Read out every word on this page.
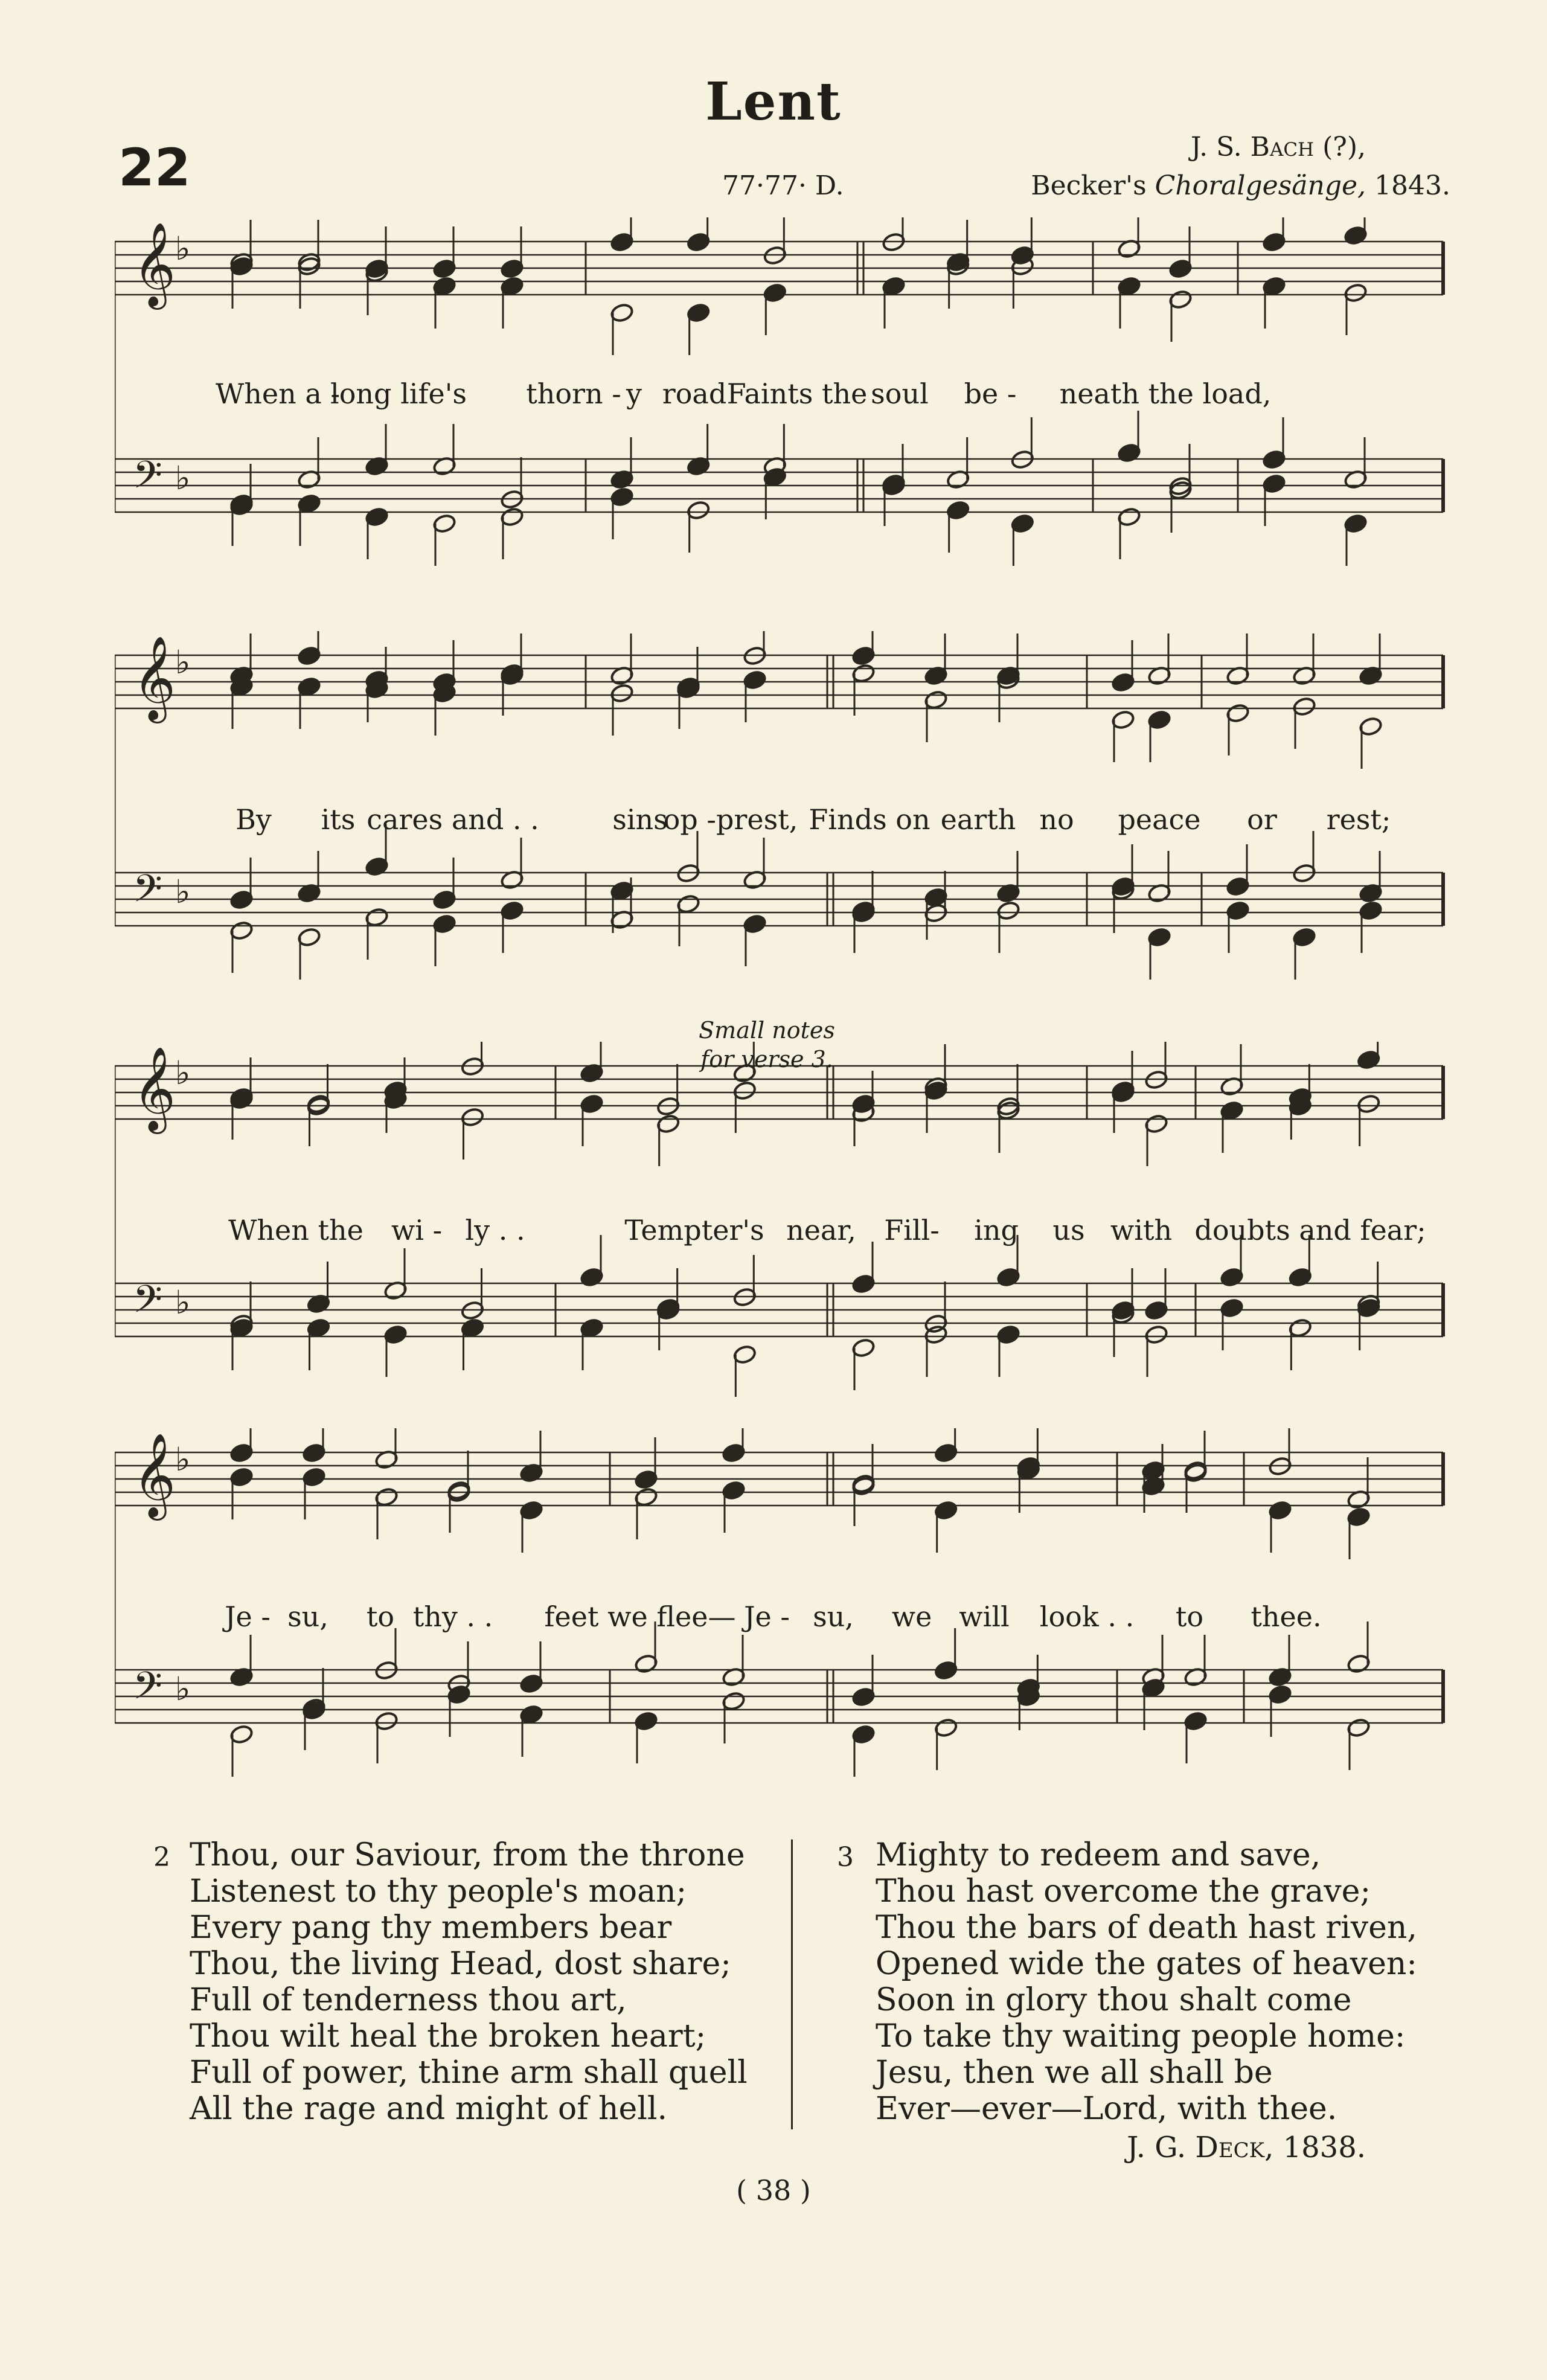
Lent
22	77·77· D.
J. S. Bach (?),
Becker's Choralgesänge, 1843.
𝄞 ♭
𝄢 ♭
𝄞 ♭
𝄢 ♭
𝄞 ♭
𝄢 ♭
𝄞 ♭
𝄢 ♭
Small notes
for verse 3.
When a -
long life's thorn - y road Faints the soul be - neath the load,
By its cares and . .	sins
op -prest, Finds on earth no peace or rest;
When the wi - ly . .	Tempter's near, Fill- ing us with doubts and fear;
Je - su, to thy . . feet we flee— Je - su, we will look . . to thee.
2 Thou, our Saviour, from the throne
Listenest to thy people's moan;
Every pang thy members bear
Thou, the living Head, dost share;
Full of tenderness thou art,
Thou wilt heal the broken heart;
Full of power, thine arm shall quell
All the rage and might of hell.
3 Mighty to redeem and save,
Thou hast overcome the grave;
Thou the bars of death hast riven,
Opened wide the gates of heaven:
Soon in glory thou shalt come
To take thy waiting people home:
Jesu, then we all shall be
Ever—ever—Lord, with thee.
J. G. Deck, 1838.
( 38 )
